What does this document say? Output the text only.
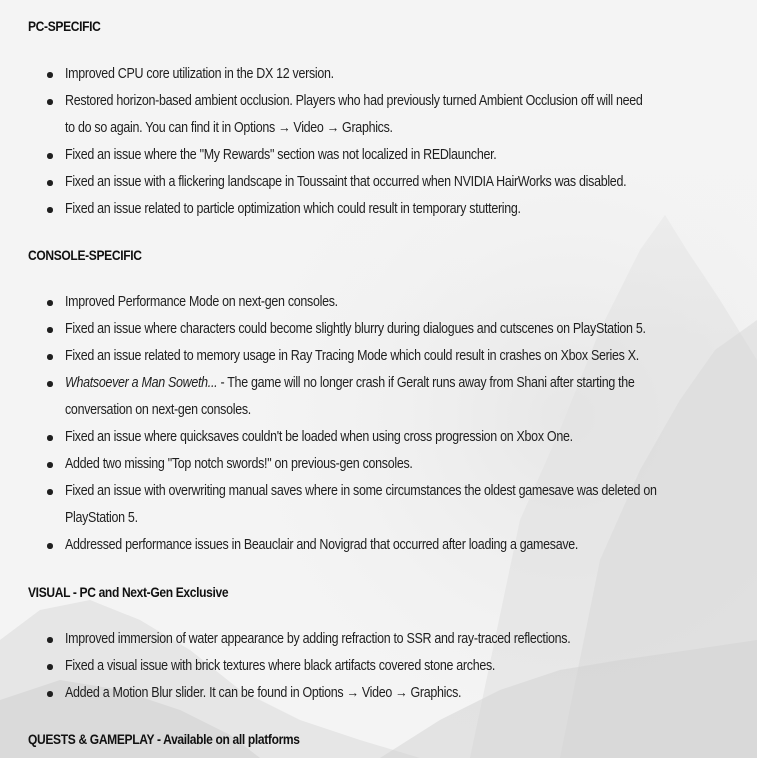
PC-SPECIFIC
Improved CPU core utilization in the DX 12 version.
Restored horizon-based ambient occlusion. Players who had previously turned Ambient Occlusion off will need
to do so again. You can find it in Options → Video → Graphics.
Fixed an issue where the "My Rewards" section was not localized in REDlauncher.
Fixed an issue with a flickering landscape in Toussaint that occurred when NVIDIA HairWorks was disabled.
Fixed an issue related to particle optimization which could result in temporary stuttering.
CONSOLE-SPECIFIC
Improved Performance Mode on next-gen consoles.
Fixed an issue where characters could become slightly blurry during dialogues and cutscenes on PlayStation 5.
Fixed an issue related to memory usage in Ray Tracing Mode which could result in crashes on Xbox Series X.
Whatsoever a Man Soweth... - The game will no longer crash if Geralt runs away from Shani after starting the
conversation on next-gen consoles.
Fixed an issue where quicksaves couldn't be loaded when using cross progression on Xbox One.
Added two missing "Top notch swords!" on previous-gen consoles.
Fixed an issue with overwriting manual saves where in some circumstances the oldest gamesave was deleted on
PlayStation 5.
Addressed performance issues in Beauclair and Novigrad that occurred after loading a gamesave.
VISUAL - PC and Next-Gen Exclusive
Improved immersion of water appearance by adding refraction to SSR and ray-traced reflections.
Fixed a visual issue with brick textures where black artifacts covered stone arches.
Added a Motion Blur slider. It can be found in Options → Video → Graphics.
QUESTS & GAMEPLAY - Available on all platforms
